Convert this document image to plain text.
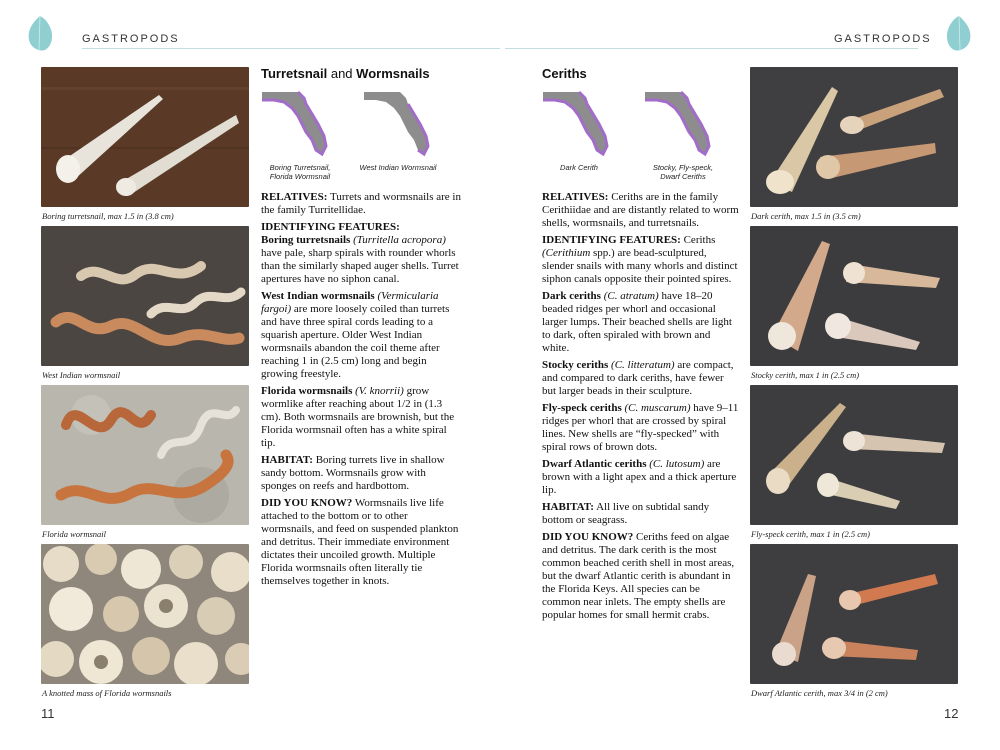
GASTROPODS	GASTROPODS
Boring turretsnail, max 1.5 in (3.8 cm)
West Indian wormsnail
Florida wormsnail
A knotted mass of Florida wormsnails
Turretsnail and Wormsnails
Boring Turretsnail,
Florida Wormsnail
West Indian Wormsnail

RELATIVES: Turrets and wormsnails are in the family Turritellidae.

IDENTIFYING FEATURES:

Boring turretsnails (Turritella acropora) have pale, sharp spirals with rounder whorls than the similarly shaped auger shells. Turret apertures have no siphon canal.

West Indian wormsnails (Vermicularia fargoi) are more loosely coiled than turrets and have three spiral cords leading to a squarish aperture. Older West Indian wormsnails abandon the coil theme after reaching 1 in (2.5 cm) long and begin growing freestyle.

Florida wormsnails (V. knorrii) grow wormlike after reaching about 1/2 in (1.3 cm). Both wormsnails are brownish, but the Florida wormsnail often has a white spiral tip.

HABITAT: Boring turrets live in shallow sandy bottom. Wormsnails grow with sponges on reefs and hardbottom.

DID YOU KNOW? Wormsnails live life attached to the bottom or to other wormsnails, and feed on suspended plankton and detritus. Their immediate environment dictates their uncoiled growth. Multiple Florida wormsnails often literally tie themselves together in knots.

11
Ceriths
Dark Cerith	Stocky, Fly-speck,
Dwarf Ceriths

RELATIVES: Ceriths are in the family Cerithiidae and are distantly related to worm shells, wormsnails, and turretsnails.

IDENTIFYING FEATURES: Ceriths (Cerithium spp.) are bead-sculptured, slender snails with many whorls and distinct siphon canals opposite their pointed spires.

Dark ceriths (C. atratum) have 18–20 beaded ridges per whorl and occasional larger lumps. Their beached shells are light to dark, often spiraled with brown and white.

Stocky ceriths (C. litteratum) are compact, and compared to dark ceriths, have fewer but larger beads in their sculpture.

Fly-speck ceriths (C. muscarum) have 9–11 ridges per whorl that are crossed by spiral lines. New shells are “fly-specked” with spiral rows of brown dots.

Dwarf Atlantic ceriths (C. lutosum) are brown with a light apex and a thick aperture lip.

HABITAT: All live on subtidal sandy bottom or seagrass.

DID YOU KNOW? Ceriths feed on algae and detritus. The dark cerith is the most common beached cerith shell in most areas, but the dwarf Atlantic cerith is abundant in the Florida Keys. All species can be common near inlets. The empty shells are popular homes for small hermit crabs.

Dark cerith, max 1.5 in (3.5 cm)
Stocky cerith, max 1 in (2.5 cm)
Fly-speck cerith, max 1 in (2.5 cm)
Dwarf Atlantic cerith, max 3/4 in (2 cm)
12
